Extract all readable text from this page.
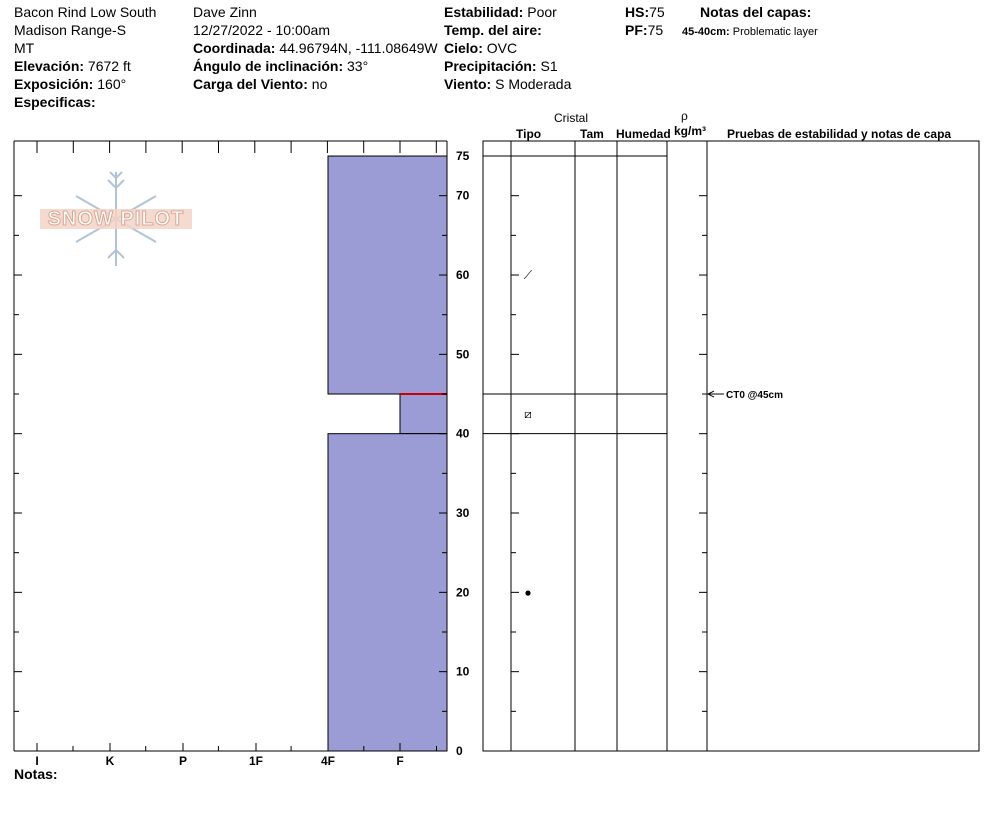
Bacon Rind Low South
Madison Range-S
MT
Elevación: 7672 ft
Exposición: 160°
Especificas:
Dave Zinn
12/27/2022 - 10:00am
Coordinada: 44.96794N, -111.08649W
Ángulo de inclinación: 33°
Carga del Viento: no
Estabilidad: Poor
Temp. del aire:
Cielo: OVC
Precipitación: S1
Viento: S Moderada
HS:75
PF:75
Notas del capas:
45-40cm: Problematic layer
Cristal
Tipo	Tam Humedad
ρ
kg/m³ Pruebas de estabilidad y notas de capa
SNOW PILOT
I	K	P	1F	4F	F
0
10
20
30
40
50
60
70
75
⟋
⧄
●
CT0 @45cm
Notas:
